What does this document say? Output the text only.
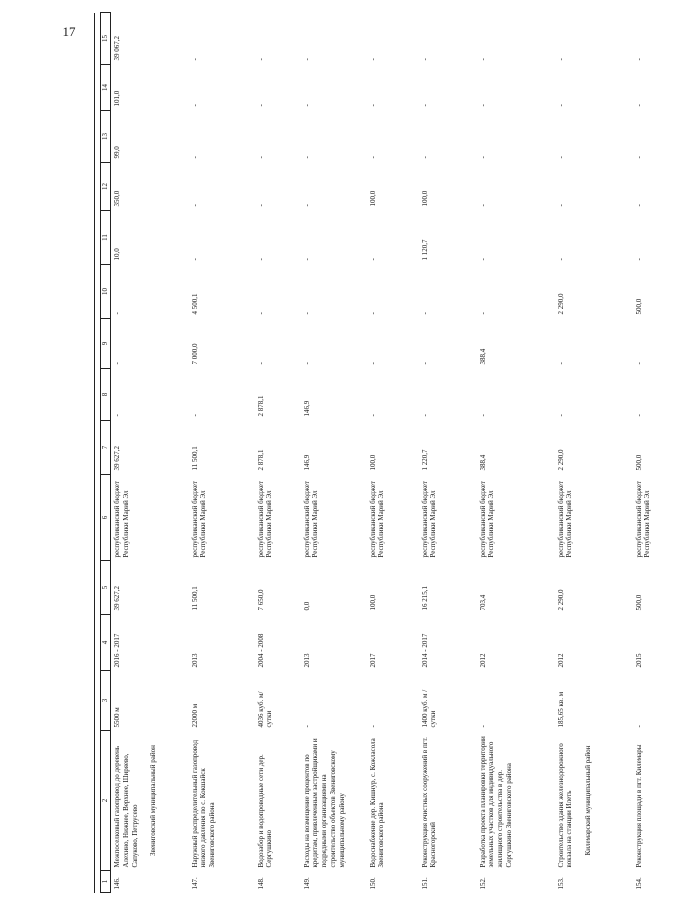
17
1	2	3	4	5	6	7	8	9	10	11	12	13	14	15
146.	Межпоселковый газопровод до деревень Алехино, Нижнее, Верхнее, Ширяево, Сапуково, Петрусево Звениговский муниципальный район	5500 м	2016 - 2017	39 627,2	республиканский бюджет Республики Марий Эл	39 627,2	-	-	-	10,0	350,0	99,0	101,0	39 067,2
147.	Наружный распределительный газопровод низкого давления по с. Кокшайск Звениговского района	22000 м	2013	11 500,1	республиканский бюджет Республики Марий Эл	11 500,1	-	7 000,0	4 500,1	-	-	-	-	-
148.	Водозабор и водопроводные сети дер. Сергушкино	4036 куб. м/ сутки	2004 - 2008	7 650,0	республиканский бюджет Республики Марий Эл	2 878,1	2 878,1	-	-	-	-	-	-	-
149.	Расходы на возмещение процентов по кредитам, привлеченным застройщиками и подрядными организациями на строительство объектов Звениговскому муниципальному району	-	2013	0,0	республиканский бюджет Республики Марий Эл	146,9	146,9	-	-	-	-	-	-	-
150.	Водоснабжение дер. Кишнур, с. Кожласола Звениговского района	-	2017	100,0	республиканский бюджет Республики Марий Эл	100,0	-	-	-	-	100,0	-	-	-
151.	Реконструкция очистных сооружений в пгт. Красногорский	1400 куб. м /сутки	2014 - 2017	16 215,1	республиканский бюджет Республики Марий Эл	1 220,7	-	-	-	1 120,7	100,0	-	-	-
152.	Разработка проекта планировки территории земельных участков для индивидуального жилищного строительства в дер. Сергушкино Звениговского района	-	2012	703,4	республиканский бюджет Республики Марий Эл	388,4	-	388,4	-	-	-	-	-	-
153.	Строительство здания железнодорожного вокзала на станции Илеть Килемарский муниципальный район	185,65 кв. м	2012	2 290,0	республиканский бюджет Республики Марий Эл	2 290,0	-	-	2 290,0	-	-	-	-	-
154.	Реконструкция площади в пгт. Килемары	-	2015	500,0	республиканский бюджет Республики Марий Эл	500,0	-	-	500,0	-	-	-	-	-
